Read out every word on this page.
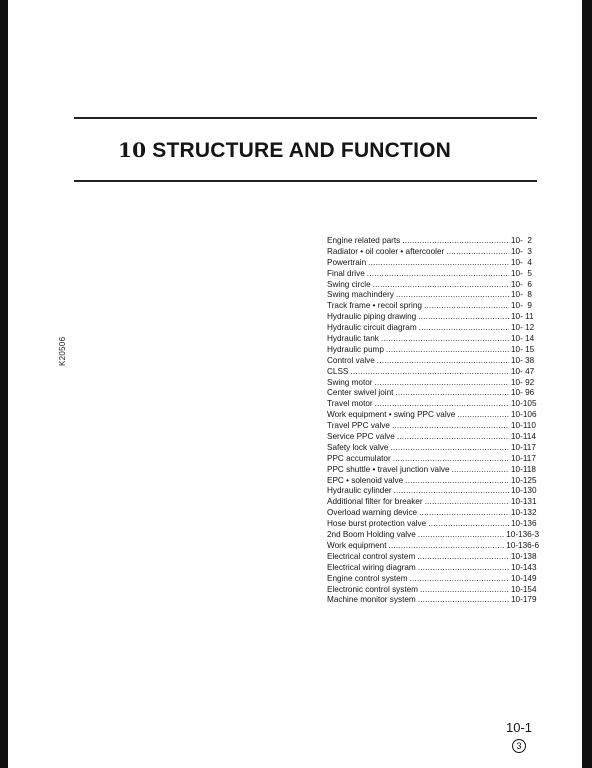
10 STRUCTURE AND FUNCTION
K20506
Engine related parts .....	10-  2
Radiator • oil cooler • aftercooler .....	10-  3
Powertrain .....	10-  4
Final drive .....	10-  5
Swing circle .....	10-  6
Swing machindery .....	10-  8
Track frame • recoil spring .....	10-  9
Hydraulic piping drawing .....	10- 11
Hydraulic circuit diagram .....	10- 12
Hydraulic tank .....	10- 14
Hydraulic pump .....	10- 15
Control valve .....	10- 38
CLSS .....	10- 47
Swing motor .....	10- 92
Center swivel joint .....	10- 96
Travel motor .....	10-105
Work equipment • swing PPC valve .....	10-106
Travel PPC valve .....	10-110
Service PPC valve .....	10-114
Safety lock valve .....	10-117
PPC accumulator .....	10-117
PPC shuttle • travel junction valve .....	10-118
EPC • solenoid valve .....	10-125
Hydraulic cylinder .....	10-130
Additional filter for breaker .....	10-131
Overload warning device .....	10-132
Hose burst protection valve .....	10-136
2nd Boom Holding valve .....	10-136-3
Work equipment .....	10-136-6
Electrical control system .....	10-138
Electrical wiring diagram .....	10-143
Engine control system .....	10-149
Electronic control system .....	10-154
Machine monitor system .....	10-179
10-1
3
